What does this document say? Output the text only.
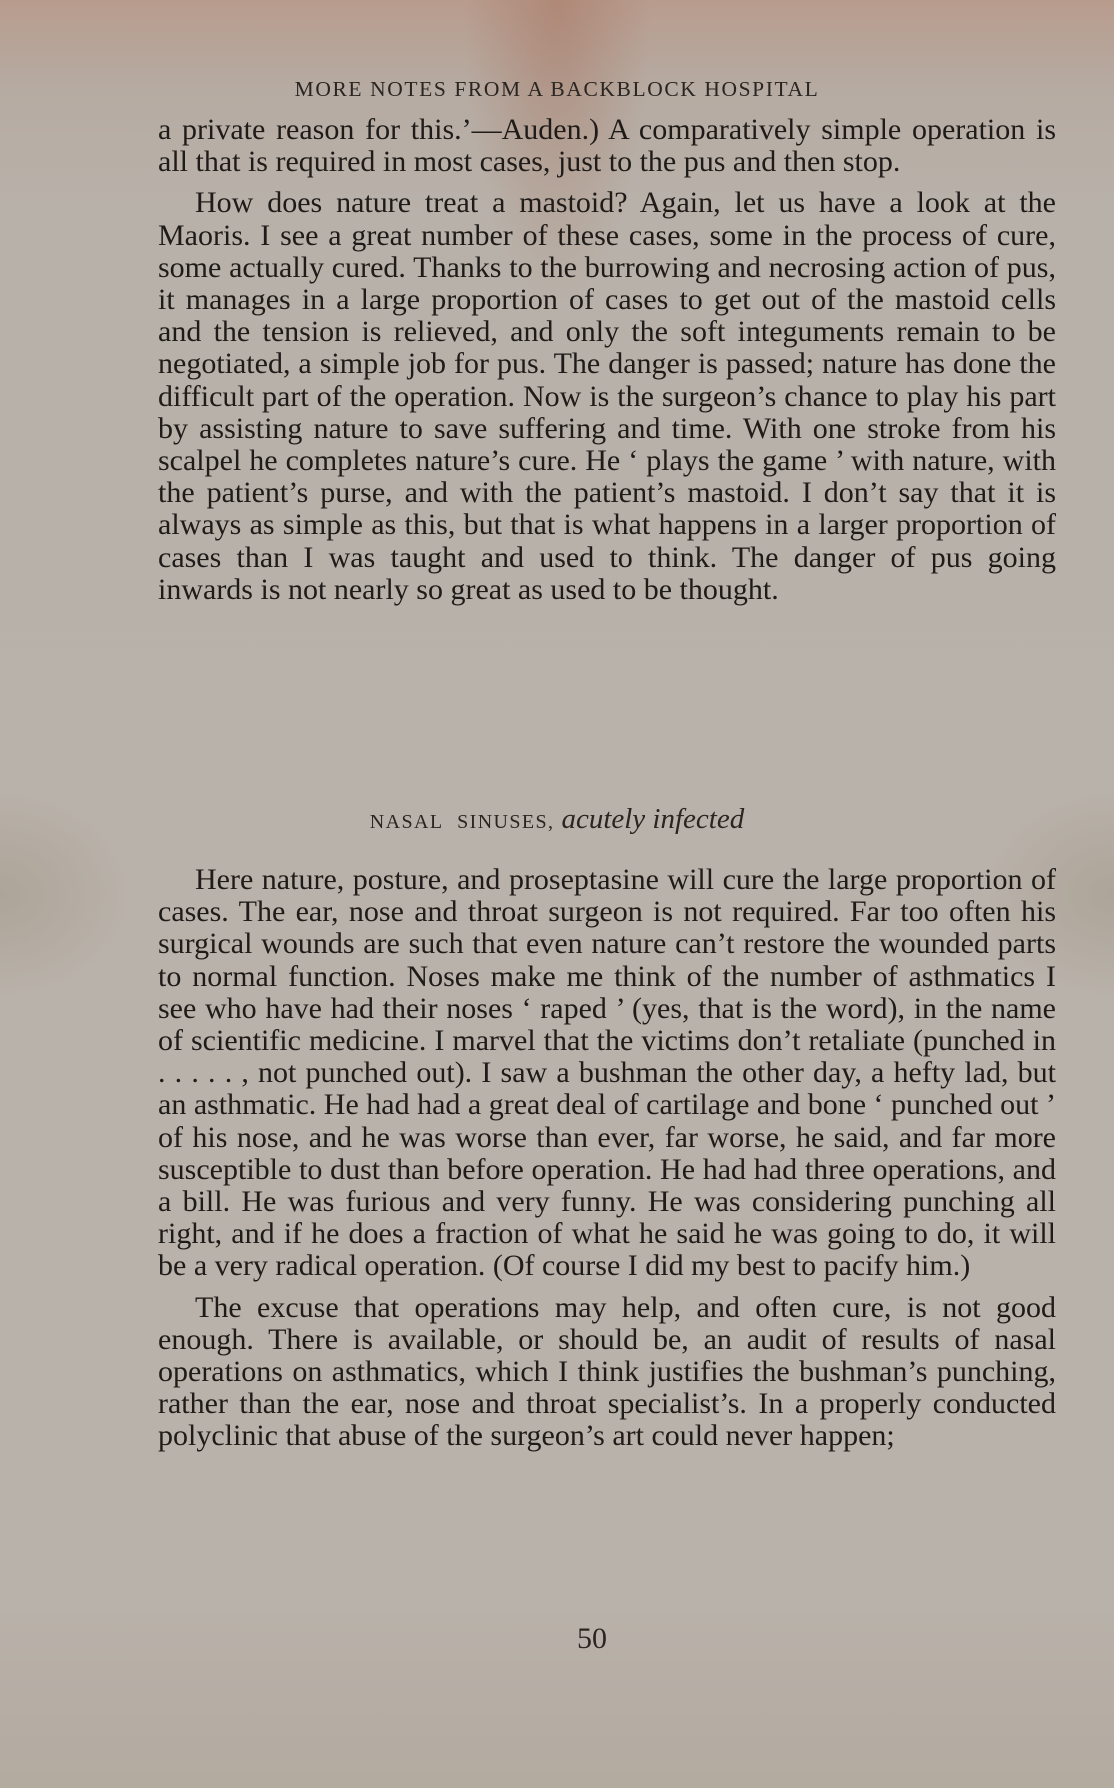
MORE NOTES FROM A BACKBLOCK HOSPITAL

a private reason for this.’—Auden.) A comparatively simple operation is all that is required in most cases, just to the pus and then stop.

How does nature treat a mastoid? Again, let us have a look at the Maoris. I see a great number of these cases, some in the process of cure, some actually cured. Thanks to the burrowing and necrosing action of pus, it manages in a large proportion of cases to get out of the mastoid cells and the tension is relieved, and only the soft integuments remain to be negotiated, a simple job for pus. The danger is passed; nature has done the difficult part of the operation. Now is the surgeon’s chance to play his part by assisting nature to save suffering and time. With one stroke from his scalpel he completes nature’s cure. He ‘ plays the game ’ with nature, with the patient’s purse, and with the patient’s mastoid. I don’t say that it is always as simple as this, but that is what happens in a larger proportion of cases than I was taught and used to think. The danger of pus going inwards is not nearly so great as used to be thought.

NASAL SINUSES, acutely infected

Here nature, posture, and proseptasine will cure the large proportion of cases. The ear, nose and throat surgeon is not required. Far too often his surgical wounds are such that even nature can’t restore the wounded parts to normal function. Noses make me think of the number of asthmatics I see who have had their noses ‘ raped ’ (yes, that is the word), in the name of scientific medicine. I marvel that the victims don’t retaliate (punched in . . . . . , not punched out). I saw a bushman the other day, a hefty lad, but an asthmatic. He had had a great deal of cartilage and bone ‘ punched out ’ of his nose, and he was worse than ever, far worse, he said, and far more susceptible to dust than before operation. He had had three operations, and a bill. He was furious and very funny. He was considering punching all right, and if he does a fraction of what he said he was going to do, it will be a very radical operation. (Of course I did my best to pacify him.)

The excuse that operations may help, and often cure, is not good enough. There is available, or should be, an audit of results of nasal operations on asthmatics, which I think justifies the bushman’s punching, rather than the ear, nose and throat specialist’s. In a properly conducted polyclinic that abuse of the surgeon’s art could never happen;

50
